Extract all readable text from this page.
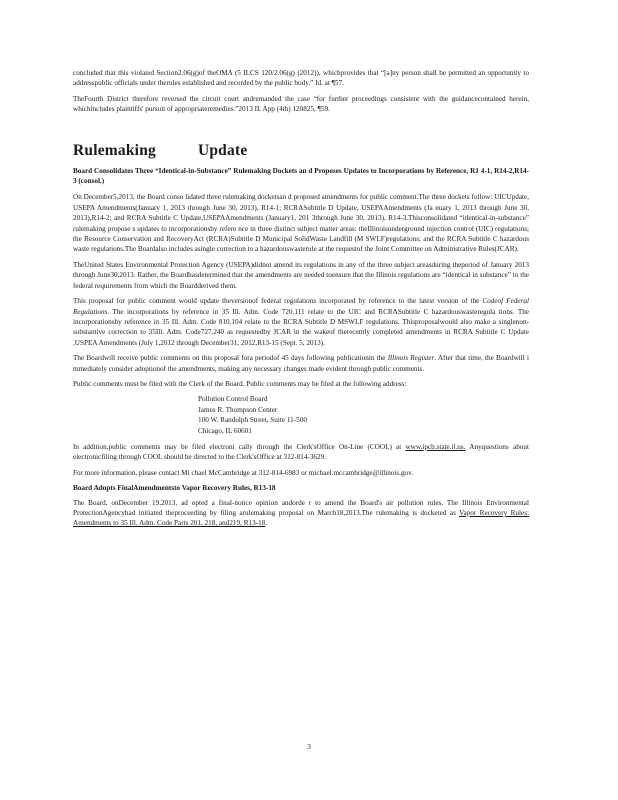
concluded that this violated Section2.06(g)of theOMA (5 ILCS 120/2.06(g) (2012)), whichprovides that “[a]ny person shall be permitted an opportunity to addresspublic officials under therules established and recorded by the public body.” Id. at ¶57.

TheFourth District therefore reversed the circuit court andremanded the case “for further proceedings consistent with the guidancecontained herein, whichincludes plaintiffs' pursuit of appropriateremedies.”2013 IL App (4th) 120825, ¶59.

Rulemaking	Update
Board Consolidates Three “Identical-in-Substance” Rulemaking Dockets an d Proposes Updates to Incorporations by Reference, R1 4-1, R14-2,R14-3 (consol.)

On December5,2013, the Board conso lidated three rulemaking docketsan d proposed amendments for public comment.The three dockets follow: UICUpdate, USEPA Amendments(January 1, 2013 through June 30, 2013), R14-1; RCRASubtitle D Update, USEPAAmendments (Ja nuary 1, 2013 through June 30, 2013),R14-2; and RCRA Subtitle C Update,USEPAAmendments (January1, 201 3through June 30, 2013), R14-3.Thisconsolidated “identical-in-substance” rulemaking propose s updates to incorporationsby refere nce in three distinct subject matter areas: theIllinoisunderground injection control (UIC) regulations; the Resource Conservation and RecoveryAct (RCRA)Subtitle D Municipal SolidWaste Landfill (M SWLF)regulations; and the RCRA Subtitle C hazardous waste regulations.The Boardalso includes asingle correction to a hazardouswasterule at the requestof the Joint Committee on Administrative Rules(JCAR).

TheUnited States Environmental Protection Agency (USEPA)didnot amend its regulations in any of the three subject areasduring theperiod of January 2013 through June30,2013. Rather, the Boardhasdetermined that the amendments are needed toensure that the Illinois regulations are “identical in substance” to the federal requirements from which the Boardderived them.

This proposal for public comment would update theversionof federal regulations incorporated by reference to the latest version of the Codeof Federal Regulations. The incorporations by reference in 35 Ill. Adm. Code 720.111 relate to the UIC and RCRASubtitle C hazardouswasteregula tions. The incorporationsby reference in 35 Ill. Adm. Code 810.104 relate to the RCRA Subtitle D MSWLF regulations. Thisproposalwould also make a singlenon-substantive correction to 35Ill. Adm. Code727.240 as requestedby JCAR in the wakeof therecently completed amendments in RCRA Subtitle C Update ,USPEA Amendments (July 1,2012 through December31, 2012,R13-15 (Sept. 5, 2013).

The Boardwill receive public comments on this proposal fora periodof 45 days following publicationin the Illinois Register. After that time, the Boardwill i mmediately consider adoptionof the amendments, making any necessary changes made evident through public comments.

Public comments must be filed with the Clerk of the Board. Public comments may be filed at the following address:

Pollution Control Board
James R. Thompson Center
100 W. Randolph Street, Suite 11-500
Chicago, IL 60601

In addition,public comments may be filed electroni cally through the Clerk'sOffice On-Line (COOL) at www.ipcb.state.il.us. Anyquestions about electronicfiling through COOL should be directed to the Clerk'sOffice at 312-814-3629.

For more information, please contact Mi chael McCambridge at 312-814-6983 or michael.mccambridge@illinois.gov.

Board Adopts FinalAmendmentsto Vapor Recovery Rules, R13-18

The Board, onDecember 19,2013, ad opted a final-notice opinion andorde r to amend the Board's air pollution rules. The Illinois Environmental ProtectionAgencyhad initiated theproceeding by filing arulemaking proposal on March18,2013.The rulemaking is docketed as Vapor Recovery Rules: Amendments to 35 Ill. Adm. Code Parts 201, 218, and219, R13-18.

3
